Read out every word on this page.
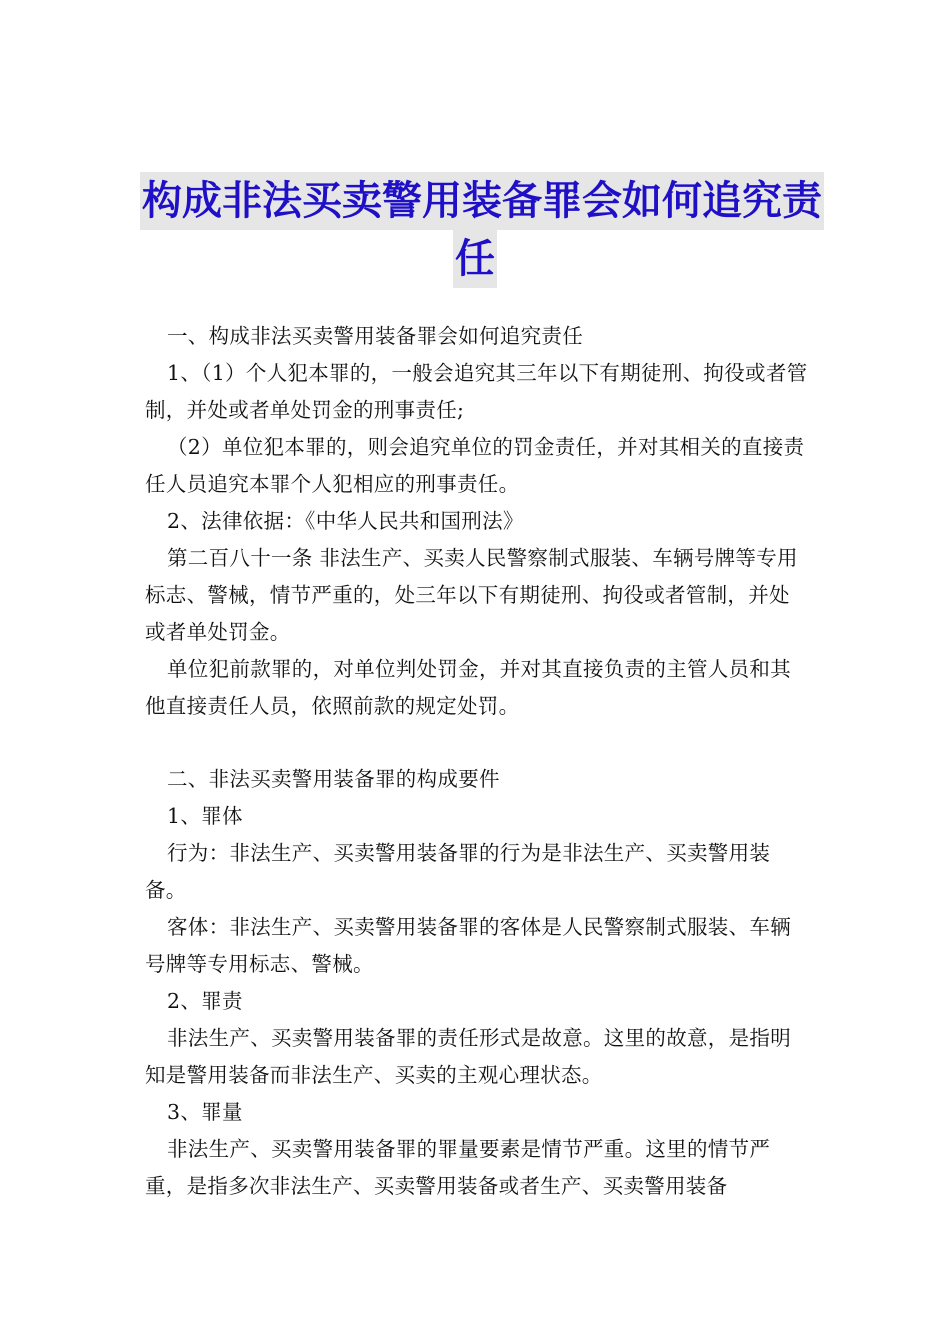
构成非法买卖警用装备罪会如何追究责
任

一、构成非法买卖警用装备罪会如何追究责任

1、（1）个人犯本罪的，一般会追究其三年以下有期徒刑、拘役或者管制，并处或者单处罚金的刑事责任;

（2）单位犯本罪的，则会追究单位的罚金责任，并对其相关的直接责任人员追究本罪个人犯相应的刑事责任。

2、法律依据：《中华人民共和国刑法》

第二百八十一条 非法生产、买卖人民警察制式服装、车辆号牌等专用标志、警械，情节严重的，处三年以下有期徒刑、拘役或者管制，并处或者单处罚金。

单位犯前款罪的，对单位判处罚金，并对其直接负责的主管人员和其他直接责任人员，依照前款的规定处罚。

二、非法买卖警用装备罪的构成要件

1、罪体

行为：非法生产、买卖警用装备罪的行为是非法生产、买卖警用装备。

客体：非法生产、买卖警用装备罪的客体是人民警察制式服装、车辆号牌等专用标志、警械。

2、罪责

非法生产、买卖警用装备罪的责任形式是故意。这里的故意，是指明知是警用装备而非法生产、买卖的主观心理状态。

3、罪量

非法生产、买卖警用装备罪的罪量要素是情节严重。这里的情节严重，是指多次非法生产、买卖警用装备或者生产、买卖警用装备
